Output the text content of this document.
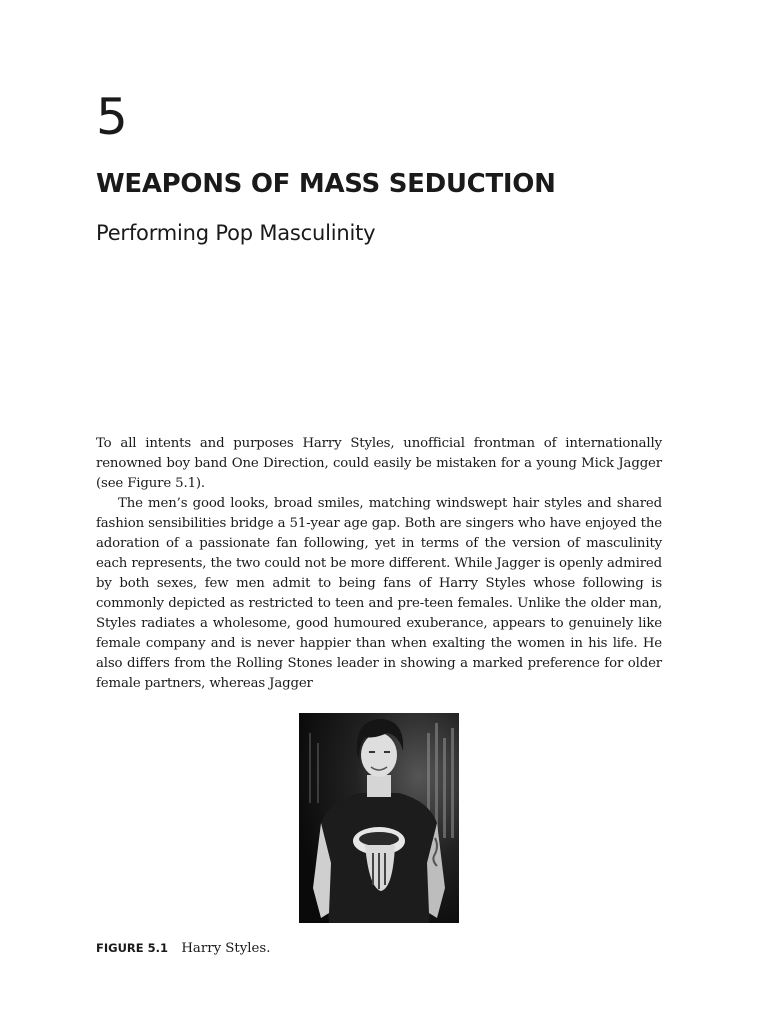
5
WEAPONS OF MASS SEDUCTION
Performing Pop Masculinity

To all intents and purposes Harry Styles, unofficial frontman of internationally renowned boy band One Direction, could easily be mistaken for a young Mick Jagger (see Figure 5.1).

The men’s good looks, broad smiles, matching windswept hair styles and shared fashion sensibilities bridge a 51-year age gap. Both are singers who have enjoyed the adoration of a passionate fan following, yet in terms of the version of masculinity each represents, the two could not be more different. While Jagger is openly admired by both sexes, few men admit to being fans of Harry Styles whose following is commonly depicted as restricted to teen and pre-teen females. Unlike the older man, Styles radiates a wholesome, good humoured exuberance, appears to genuinely like female company and is never happier than when exalting the women in his life. He also differs from the Rolling Stones leader in showing a marked preference for older female partners, whereas Jagger

FIGURE 5.1 Harry Styles.
